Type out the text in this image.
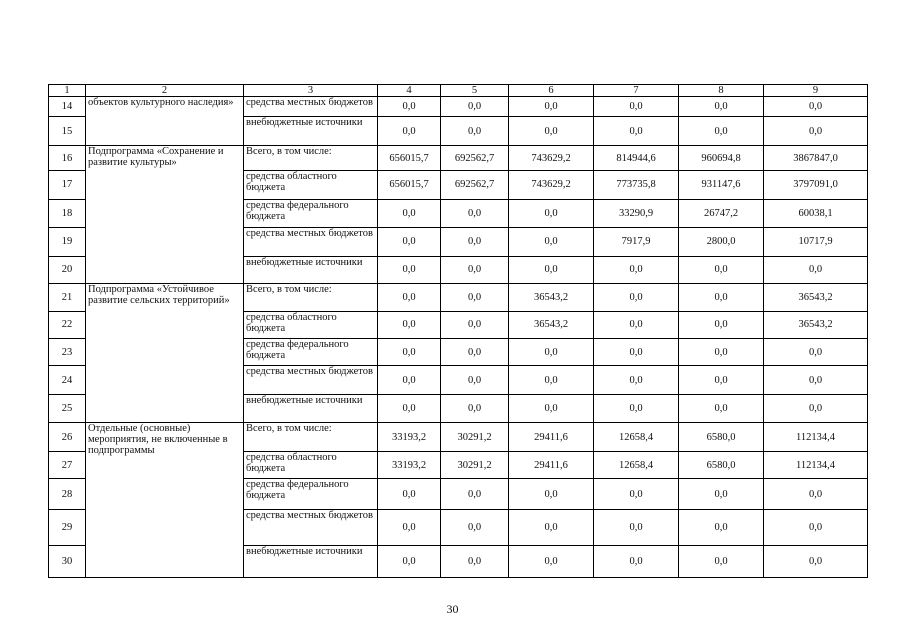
1	2	3	4	5	6	7	8	9
14	объектов культурного наследия»	средства местных бюджетов	0,0	0,0	0,0	0,0	0,0	0,0
15		внебюджетные источники	0,0	0,0	0,0	0,0	0,0	0,0
16	Подпрограмма «Сохранение и развитие культуры»	Всего, в том числе:	656015,7	692562,7	743629,2	814944,6	960694,8	3867847,0
17		средства областного бюджета	656015,7	692562,7	743629,2	773735,8	931147,6	3797091,0
18		средства федерального бюджета	0,0	0,0	0,0	33290,9	26747,2	60038,1
19		средства местных бюджетов	0,0	0,0	0,0	7917,9	2800,0	10717,9
20		внебюджетные источники	0,0	0,0	0,0	0,0	0,0	0,0
21	Подпрограмма «Устойчивое развитие сельских территорий»	Всего, в том числе:	0,0	0,0	36543,2	0,0	0,0	36543,2
22		средства областного бюджета	0,0	0,0	36543,2	0,0	0,0	36543,2
23		средства федерального бюджета	0,0	0,0	0,0	0,0	0,0	0,0
24		средства местных бюджетов	0,0	0,0	0,0	0,0	0,0	0,0
25		внебюджетные источники	0,0	0,0	0,0	0,0	0,0	0,0
26	Отдельные (основные) мероприятия, не включенные в подпрограммы	Всего, в том числе:	33193,2	30291,2	29411,6	12658,4	6580,0	112134,4
27		средства областного бюджета	33193,2	30291,2	29411,6	12658,4	6580,0	112134,4
28		средства федерального бюджета	0,0	0,0	0,0	0,0	0,0	0,0
29		средства местных бюджетов	0,0	0,0	0,0	0,0	0,0	0,0
30		внебюджетные источники	0,0	0,0	0,0	0,0	0,0	0,0
30
